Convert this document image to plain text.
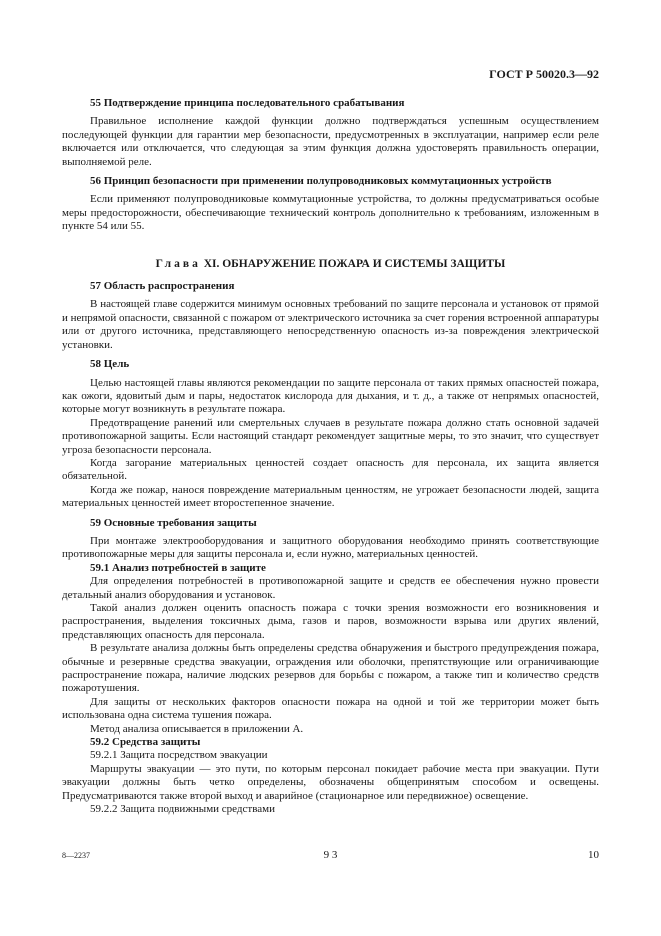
ГОСТ Р 50020.3—92

55 Подтверждение принципа последовательного срабатывания

Правильное исполнение каждой функции должно подтверждаться успешным осуществлением последующей функции для гарантии мер безопасности, предусмотренных в эксплуатации, например если реле включается или отключается, что следующая за этим функция должна удостоверять правильность операции, выполняемой реле.

56 Принцип безопасности при применении полупроводниковых коммутационных устройств

Если применяют полупроводниковые коммутационные устройства, то должны предусматриваться особые меры предосторожности, обеспечивающие технический контроль дополнительно к требованиям, изложенным в пункте 54 или 55.

Глава XI. ОБНАРУЖЕНИЕ ПОЖАРА И СИСТЕМЫ ЗАЩИТЫ

57 Область распространения

В настоящей главе содержится минимум основных требований по защите персонала и установок от прямой и непрямой опасности, связанной с пожаром от электрического источника за счет горения встроенной аппаратуры или от другого источника, представляющего непосредственную опасность из-за повреждения электрической установки.

58 Цель

Целью настоящей главы являются рекомендации по защите персонала от таких прямых опасностей пожара, как ожоги, ядовитый дым и пары, недостаток кислорода для дыхания, и т. д., а также от непрямых опасностей, которые могут возникнуть в результате пожара.

Предотвращение ранений или смертельных случаев в результате пожара должно стать основной задачей противопожарной защиты. Если настоящий стандарт рекомендует защитные меры, то это значит, что существует угроза безопасности персонала.

Когда загорание материальных ценностей создает опасность для персонала, их защита является обязательной.

Когда же пожар, нанося повреждение материальным ценностям, не угрожает безопасности людей, защита материальных ценностей имеет второстепенное значение.

59 Основные требования защиты

При монтаже электрооборудования и защитного оборудования необходимо принять соответствующие противопожарные меры для защиты персонала и, если нужно, материальных ценностей.

59.1 Анализ потребностей в защите

Для определения потребностей в противопожарной защите и средств ее обеспечения нужно провести детальный анализ оборудования и установок.

Такой анализ должен оценить опасность пожара с точки зрения возможности его возникновения и распространения, выделения токсичных дыма, газов и паров, возможности взрыва или других явлений, представляющих опасность для персонала.

В результате анализа должны быть определены средства обнаружения и быстрого предупреждения пожара, обычные и резервные средства эвакуации, ограждения или оболочки, препятствующие или ограничивающие распространение пожара, наличие людских резервов для борьбы с пожаром, а также тип и количество средств пожаротушения.

Для защиты от нескольких факторов опасности пожара на одной и той же территории может быть использована одна система тушения пожара.

Метод анализа описывается в приложении А.

59.2 Средства защиты

59.2.1 Защита посредством эвакуации

Маршруты эвакуации — это пути, по которым персонал покидает рабочие места при эвакуации. Пути эвакуации должны быть четко определены, обозначены общепринятым способом и освещены. Предусматриваются также второй выход и аварийное (стационарное или передвижное) освещение.

59.2.2 Защита подвижными средствами

8—2237	9 3	10
